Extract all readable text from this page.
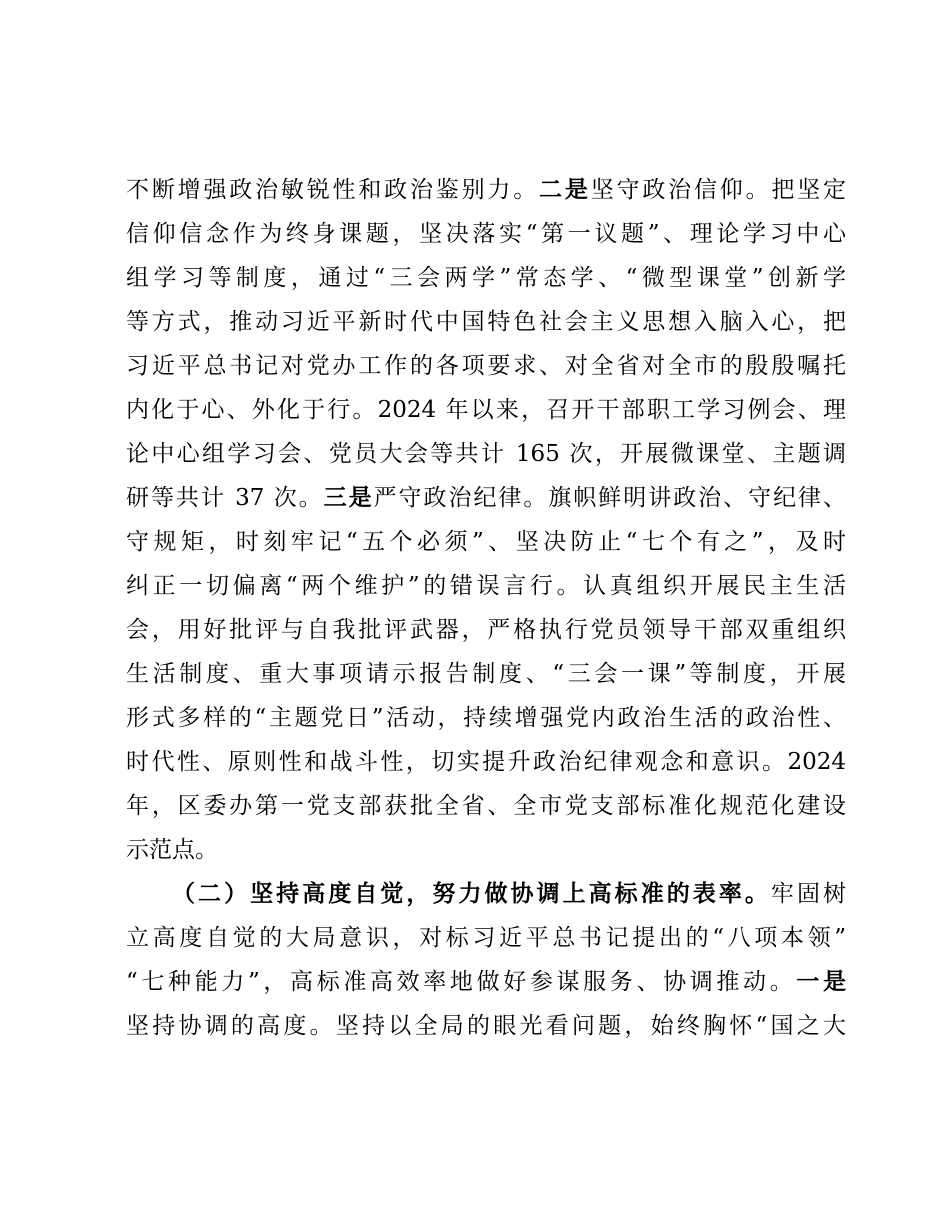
不断增强政治敏锐性和政治鉴别力。二是坚守政治信仰。把坚定
信仰信念作为终身课题，坚决落实“第一议题”、理论学习中心
组学习等制度，通过“三会两学”常态学、“微型课堂”创新学
等方式，推动习近平新时代中国特色社会主义思想入脑入心，把
习近平总书记对党办工作的各项要求、对全省对全市的殷殷嘱托
内化于心、外化于行。2024 年以来，召开干部职工学习例会、理
论中心组学习会、党员大会等共计 165 次，开展微课堂、主题调
研等共计 37 次。三是严守政治纪律。旗帜鲜明讲政治、守纪律、
守规矩，时刻牢记“五个必须”、坚决防止“七个有之”，及时
纠正一切偏离“两个维护”的错误言行。认真组织开展民主生活
会，用好批评与自我批评武器，严格执行党员领导干部双重组织
生活制度、重大事项请示报告制度、“三会一课”等制度，开展
形式多样的“主题党日”活动，持续增强党内政治生活的政治性、
时代性、原则性和战斗性，切实提升政治纪律观念和意识。2024
年，区委办第一党支部获批全省、全市党支部标准化规范化建设
示范点。
（二）坚持高度自觉，努力做协调上高标准的表率。牢固树
立高度自觉的大局意识，对标习近平总书记提出的“八项本领”
“七种能力”，高标准高效率地做好参谋服务、协调推动。一是
坚持协调的高度。坚持以全局的眼光看问题，始终胸怀“国之大
